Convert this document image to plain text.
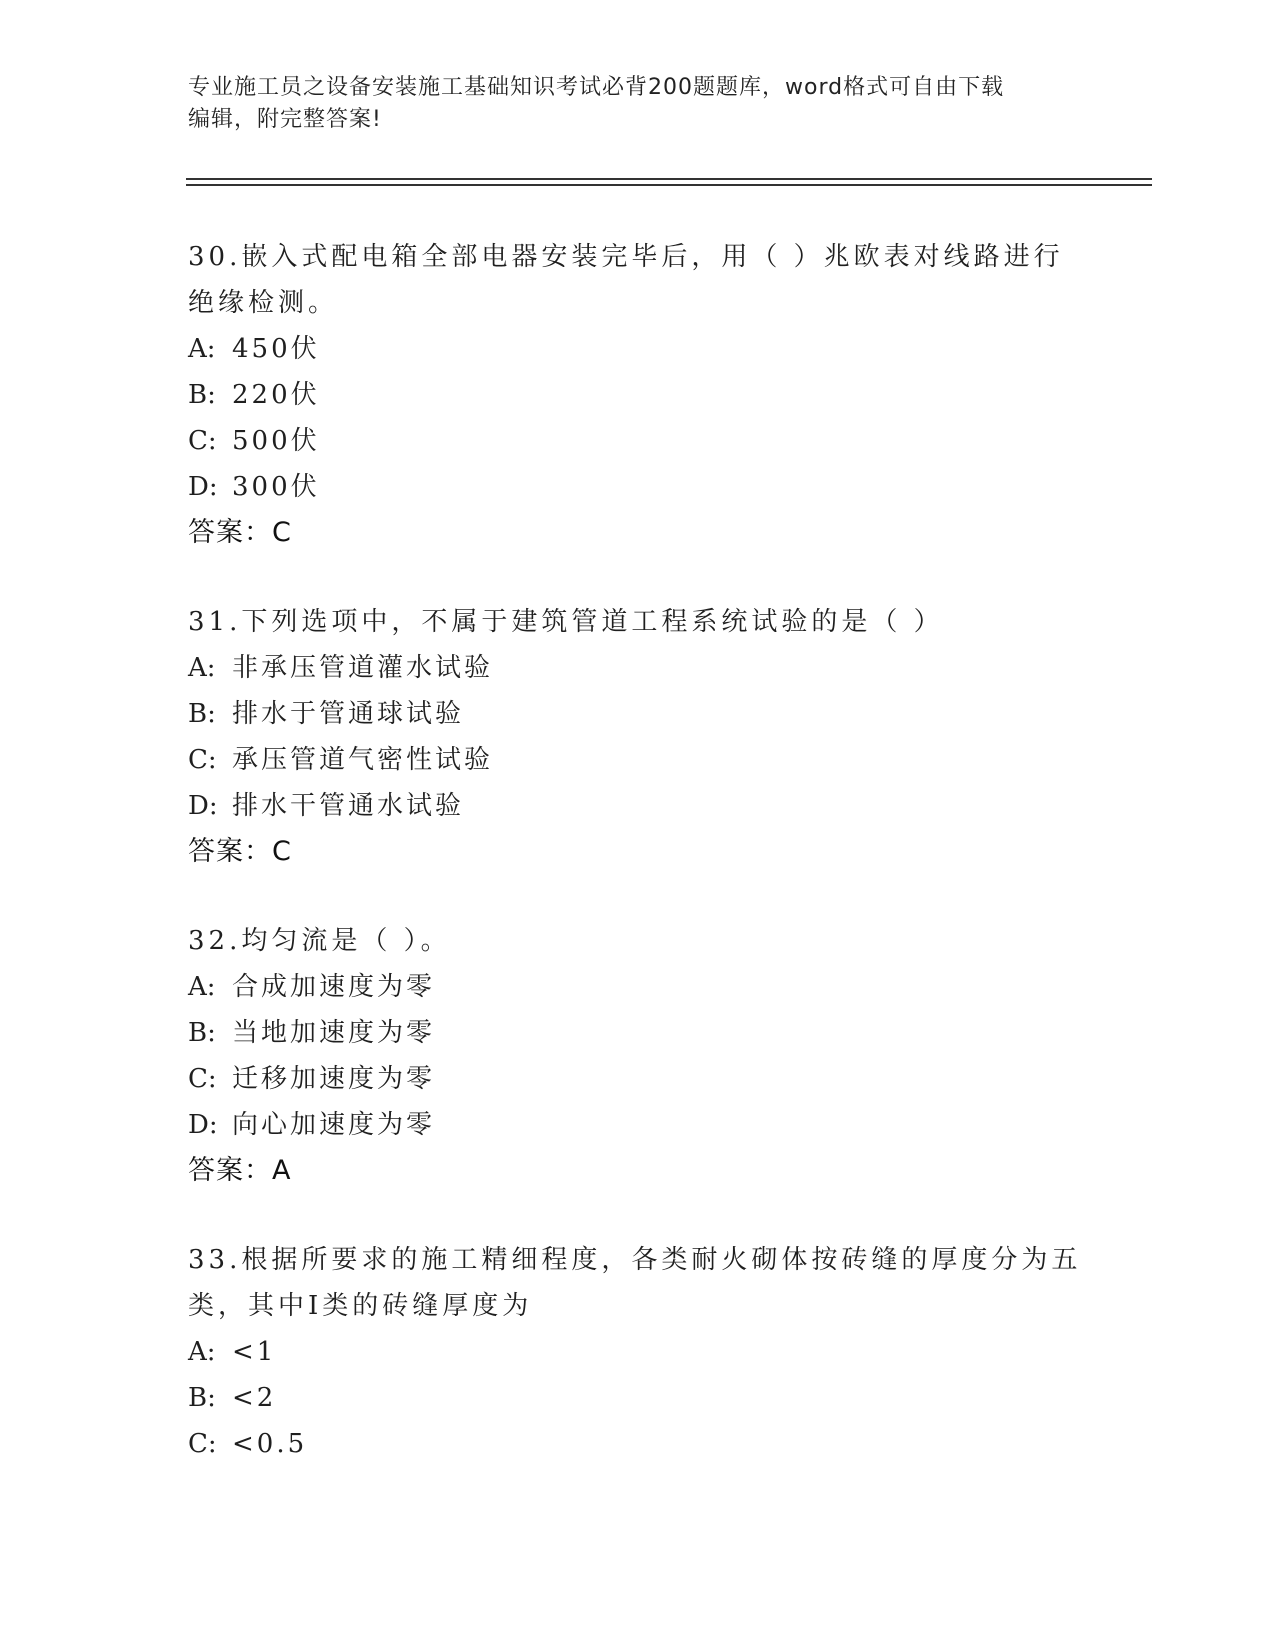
专业施工员之设备安装施工基础知识考试必背200题题库，word格式可自由下载
编辑，附完整答案!
30.嵌入式配电箱全部电器安装完毕后，用（ ）兆欧表对线路进行绝缘检测。
A: 450伏
B: 220伏
C: 500伏
D: 300伏
答案：C
31.下列选项中，不属于建筑管道工程系统试验的是（ ）
A: 非承压管道灌水试验
B: 排水于管通球试验
C: 承压管道气密性试验
D: 排水干管通水试验
答案：C
32.均匀流是（ ）。
A: 合成加速度为零
B: 当地加速度为零
C: 迁移加速度为零
D: 向心加速度为零
答案：A
33.根据所要求的施工精细程度，各类耐火砌体按砖缝的厚度分为五类，其中Ⅰ类的砖缝厚度为
A: <1
B: <2
C: <0.5
